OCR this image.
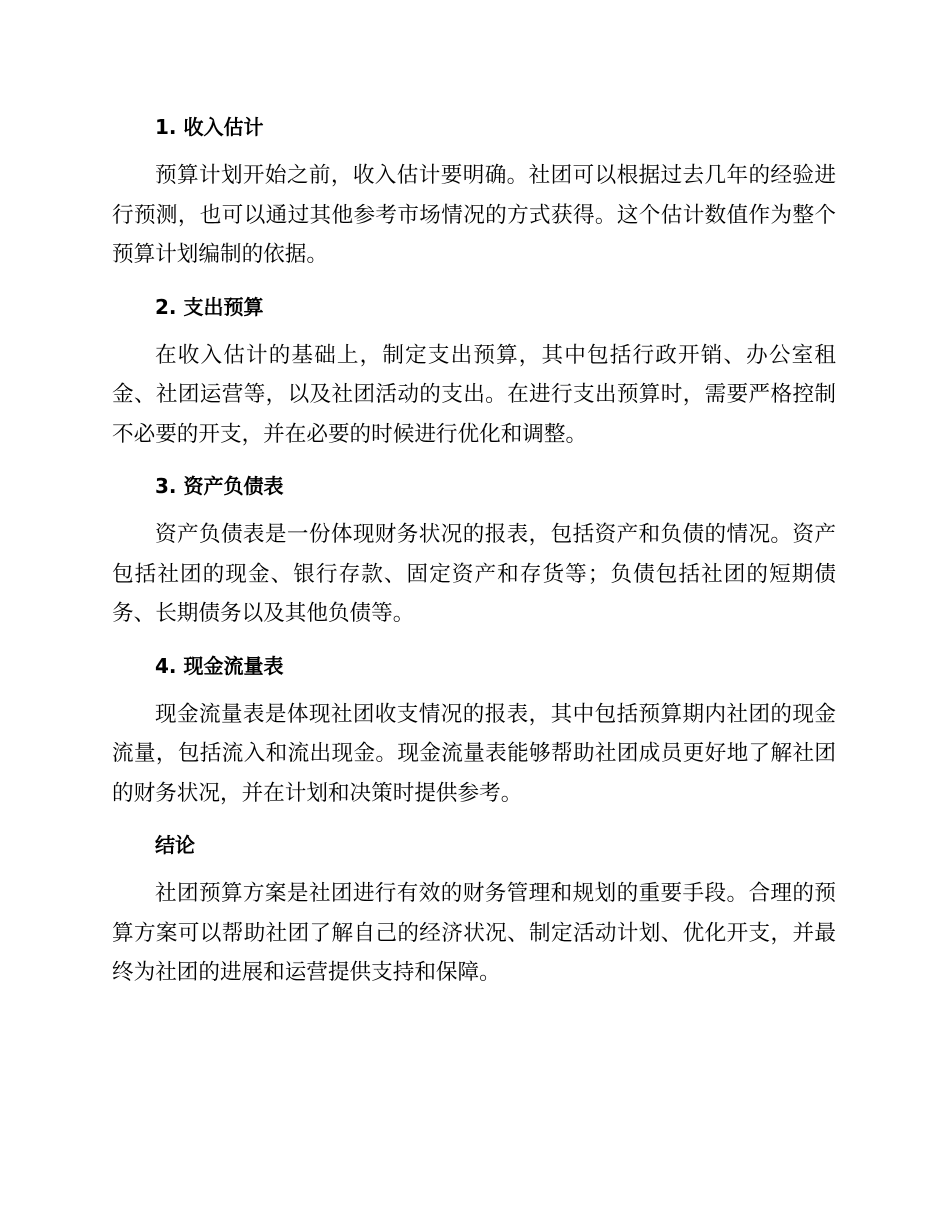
1. 收入估计

预算计划开始之前，收入估计要明确。社团可以根据过去几年的经验进行预测，也可以通过其他参考市场情况的方式获得。这个估计数值作为整个预算计划编制的依据。

2. 支出预算

在收入估计的基础上，制定支出预算，其中包括行政开销、办公室租金、社团运营等，以及社团活动的支出。在进行支出预算时，需要严格控制不必要的开支，并在必要的时候进行优化和调整。

3. 资产负债表

资产负债表是一份体现财务状况的报表，包括资产和负债的情况。资产包括社团的现金、银行存款、固定资产和存货等；负债包括社团的短期债务、长期债务以及其他负债等。

4. 现金流量表

现金流量表是体现社团收支情况的报表，其中包括预算期内社团的现金流量，包括流入和流出现金。现金流量表能够帮助社团成员更好地了解社团的财务状况，并在计划和决策时提供参考。

结论

社团预算方案是社团进行有效的财务管理和规划的重要手段。合理的预算方案可以帮助社团了解自己的经济状况、制定活动计划、优化开支，并最终为社团的进展和运营提供支持和保障。
